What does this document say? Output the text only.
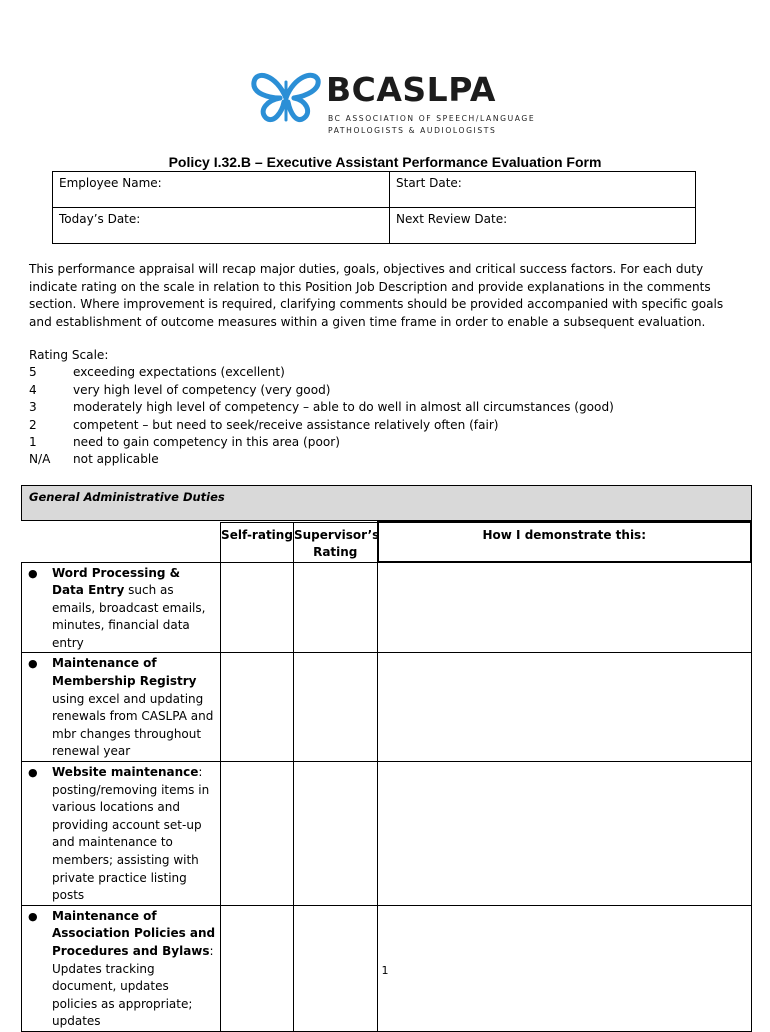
BCASLPA
BC ASSOCIATION OF SPEECH/LANGUAGE
PATHOLOGISTS & AUDIOLOGISTS
Policy I.32.B – Executive Assistant Performance Evaluation Form
Employee Name:	Start Date:
Today’s Date:	Next Review Date:
This performance appraisal will recap major duties, goals, objectives and critical success factors. For each duty indicate rating on the scale in relation to this Position Job Description and provide explanations in the comments section. Where improvement is required, clarifying comments should be provided accompanied with specific goals and establishment of outcome measures within a given time frame in order to enable a subsequent evaluation.
Rating Scale:
5	exceeding expectations (excellent)
4	very high level of competency (very good)
3	moderately high level of competency – able to do well in almost all circumstances (good)
2	competent – but need to seek/receive assistance relatively often (fair)
1	need to gain competency in this area (poor)
N/A	not applicable
General Administrative Duties
	Self-rating	Supervisor’s Rating	How I demonstrate this:

● Word Processing & Data Entry such as emails, broadcast emails, minutes, financial data entry			

● Maintenance of Membership Registry using excel and updating renewals from CASLPA and mbr changes throughout renewal year			

● Website maintenance: posting/removing items in various locations and providing account set-up and maintenance to members; assisting with private practice listing posts			

● Maintenance of Association Policies and Procedures and Bylaws: Updates tracking document, updates policies as appropriate; updates			

1
